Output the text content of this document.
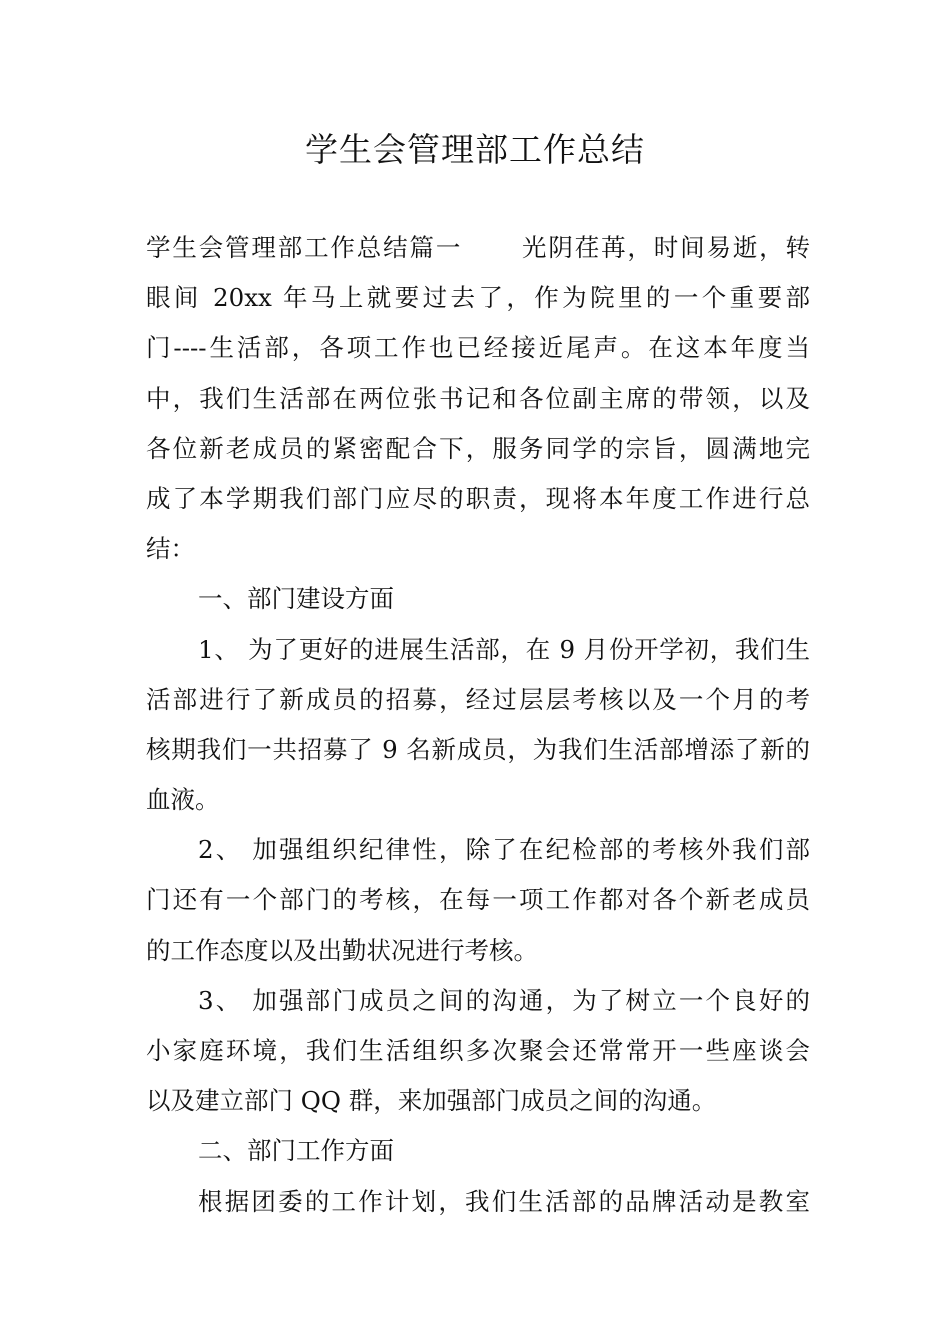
学生会管理部工作总结
学生会管理部工作总结篇一 光阴荏苒，时间易逝，转
眼间 20xx 年马上就要过去了，作为院里的一个重要部
门----生活部，各项工作也已经接近尾声。在这本年度当
中，我们生活部在两位张书记和各位副主席的带领，以及
各位新老成员的紧密配合下，服务同学的宗旨，圆满地完
成了本学期我们部门应尽的职责，现将本年度工作进行总
结：
一、部门建设方面
1、 为了更好的进展生活部，在 9 月份开学初，我们生
活部进行了新成员的招募，经过层层考核以及一个月的考
核期我们一共招募了 9 名新成员，为我们生活部增添了新的
血液。
2、 加强组织纪律性，除了在纪检部的考核外我们部
门还有一个部门的考核，在每一项工作都对各个新老成员
的工作态度以及出勤状况进行考核。
3、 加强部门成员之间的沟通，为了树立一个良好的
小家庭环境，我们生活组织多次聚会还常常开一些座谈会
以及建立部门 QQ 群，来加强部门成员之间的沟通。
二、部门工作方面
根据团委的工作计划，我们生活部的品牌活动是教室
